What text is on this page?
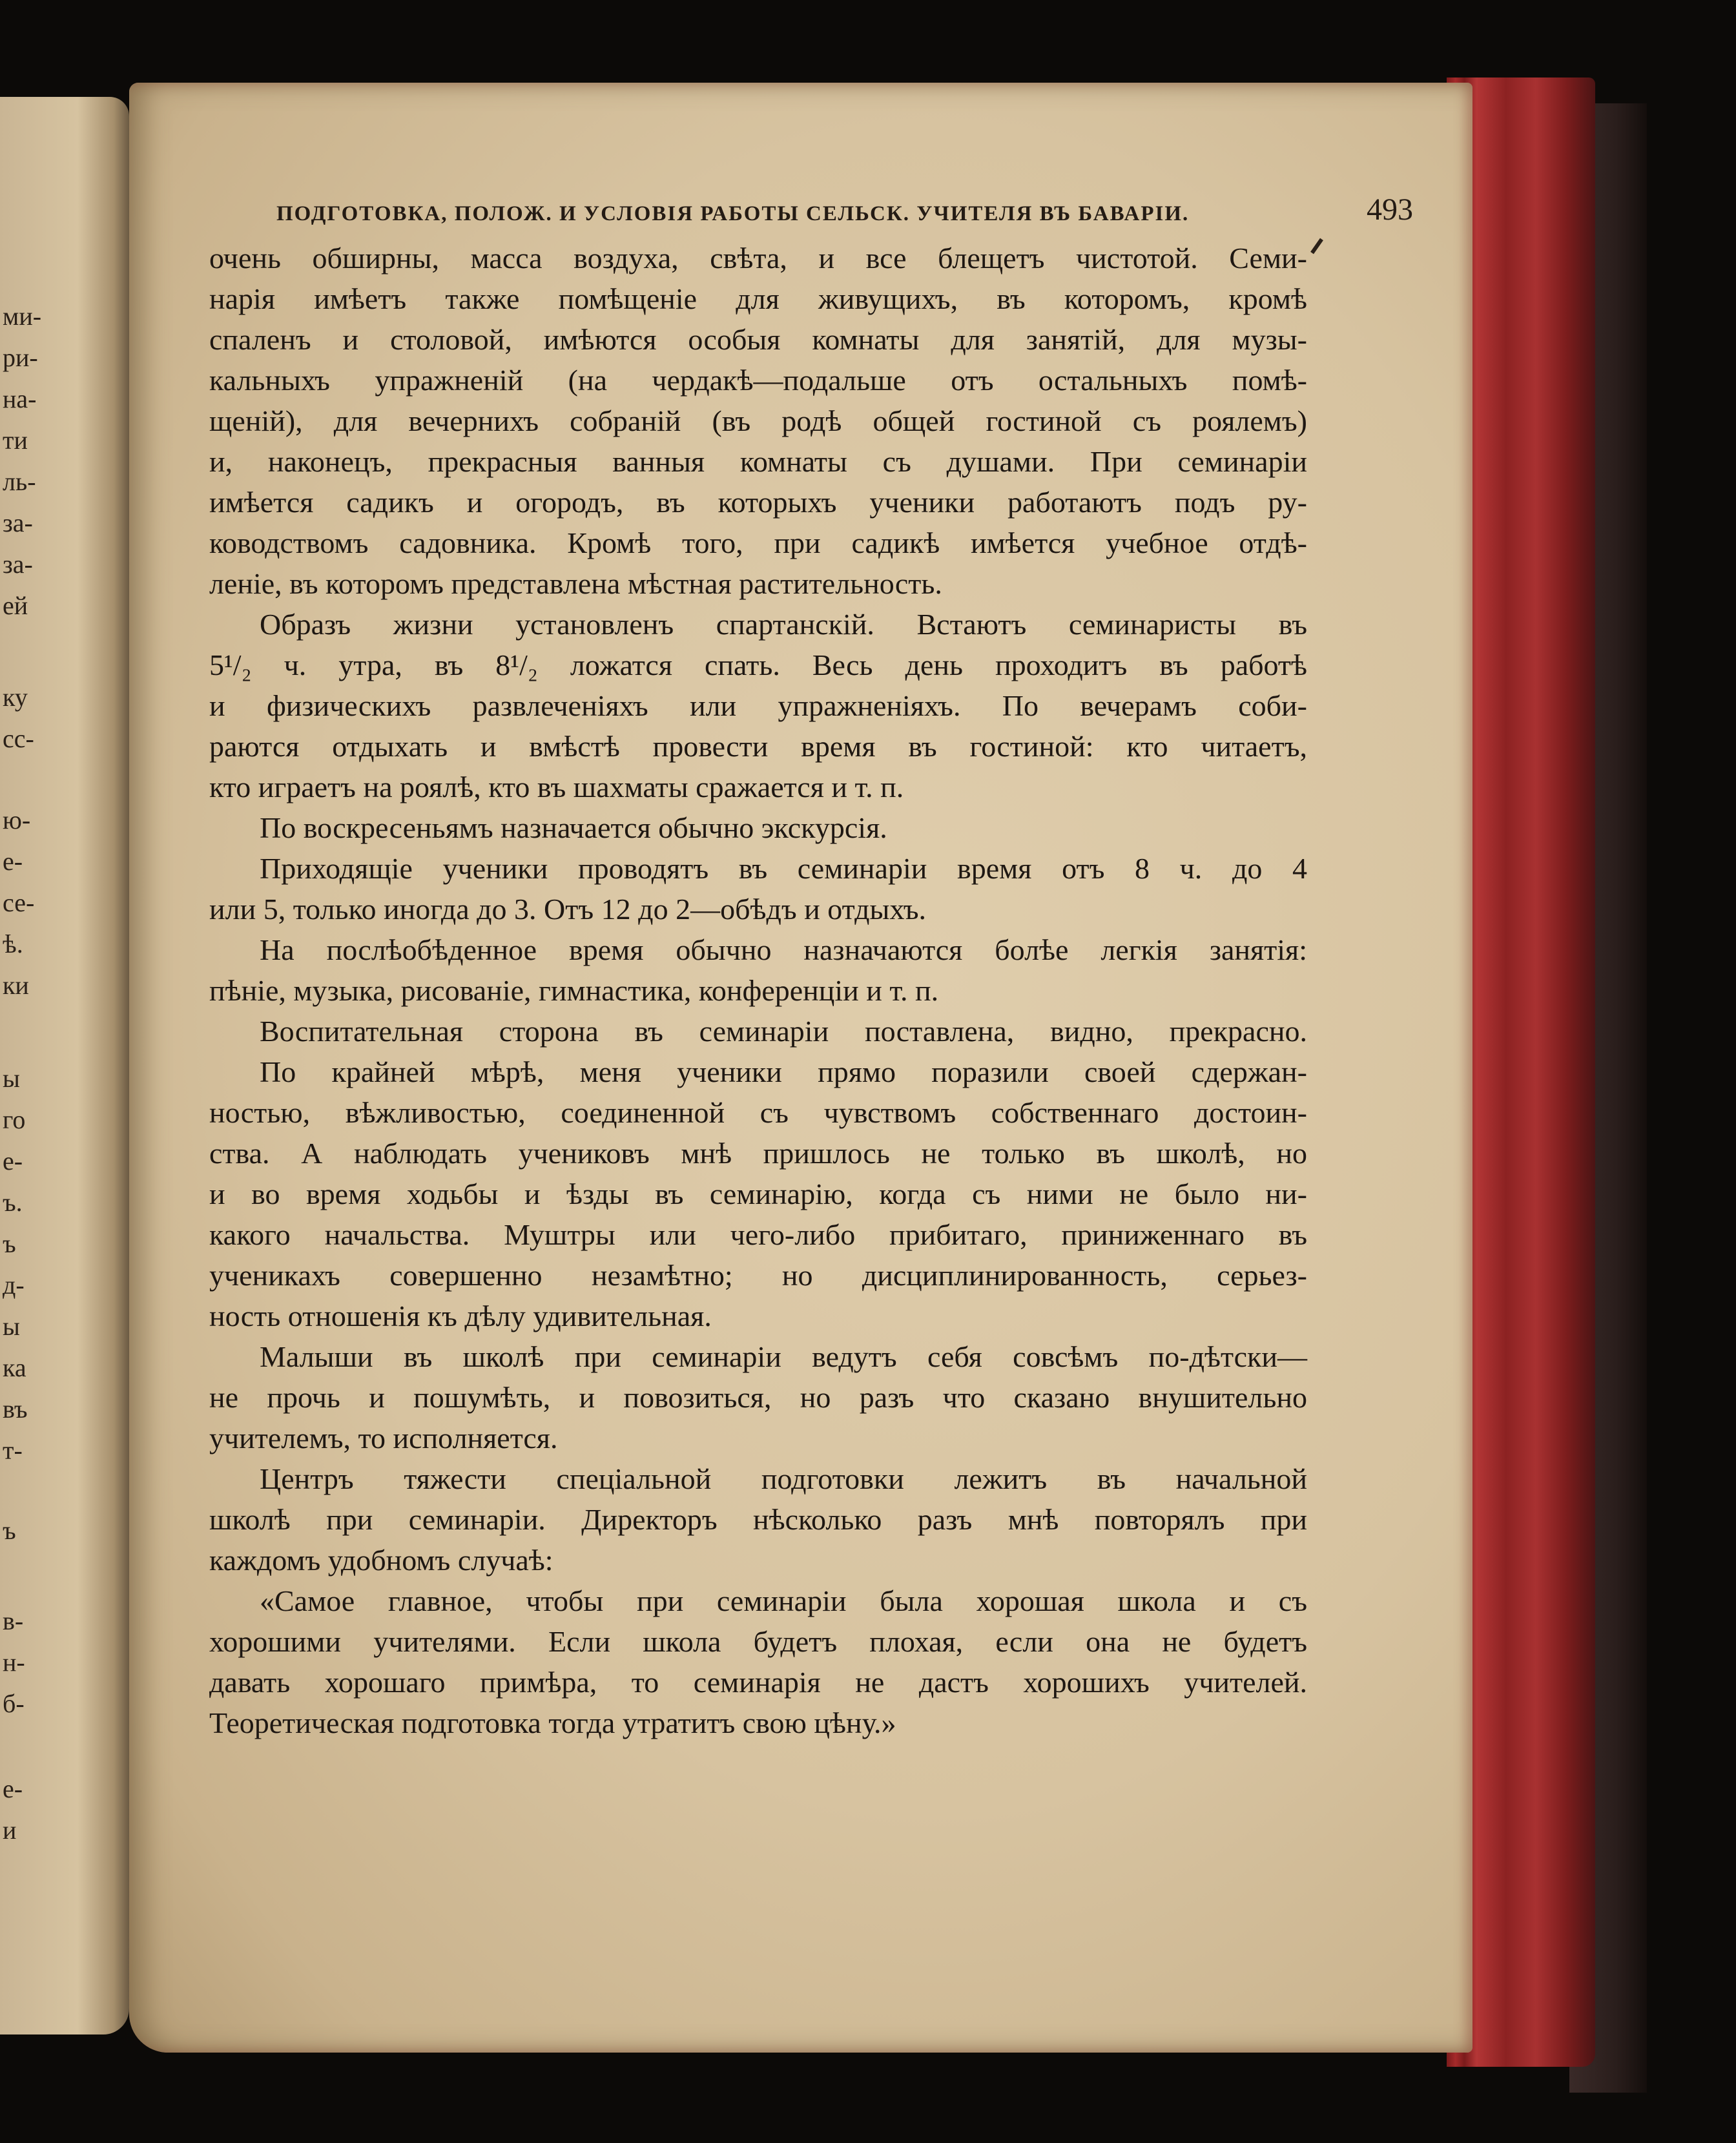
ми-
ри-
на-
ти
ль-
за-
за-
ей
ку
сс-
ю-
е-
се-
ѣ.
ки
ы
го
е-
ъ.
ъ
д-
ы
ка
въ
т-
ъ
в-
н-
б-
е-
и
ПОДГОТОВКА, ПОЛОЖ. И УСЛОВІЯ РАБОТЫ СЕЛЬСК. УЧИТЕЛЯ ВЪ БАВАРІИ.	493
очень обширны, масса воздуха, свѣта, и все блещетъ чистотой. Семи-
нарія имѣетъ также помѣщеніе для живущихъ, въ которомъ, кромѣ
спаленъ и столовой, имѣются особыя комнаты для занятій, для музы-
кальныхъ упражненій (на чердакѣ—подальше отъ остальныхъ помѣ-
щеній), для вечернихъ собраній (въ родѣ общей гостиной съ роялемъ)
и, наконецъ, прекрасныя ванныя комнаты съ душами. При семинаріи
имѣется садикъ и огородъ, въ которыхъ ученики работаютъ подъ ру-
ководствомъ садовника. Кромѣ того, при садикѣ имѣется учебное отдѣ-
леніе, въ которомъ представлена мѣстная растительность.
Образъ жизни установленъ спартанскій. Встаютъ семинаристы въ
5¹/₂ ч. утра, въ 8¹/₂ ложатся спать. Весь день проходитъ въ работѣ
и физическихъ развлеченіяхъ или упражненіяхъ. По вечерамъ соби-
раются отдыхать и вмѣстѣ провести время въ гостиной: кто читаетъ,
кто играетъ на роялѣ, кто въ шахматы сражается и т. п.
По воскресеньямъ назначается обычно экскурсія.
Приходящіе ученики проводятъ въ семинаріи время отъ 8 ч. до 4
или 5, только иногда до 3. Отъ 12 до 2—обѣдъ и отдыхъ.
На послѣобѣденное время обычно назначаются болѣе легкія занятія:
пѣніе, музыка, рисованіе, гимнастика, конференціи и т. п.
Воспитательная сторона въ семинаріи поставлена, видно, прекрасно.
По крайней мѣрѣ, меня ученики прямо поразили своей сдержан-
ностью, вѣжливостью, соединенной съ чувствомъ собственнаго достоин-
ства. А наблюдать учениковъ мнѣ пришлось не только въ школѣ, но
и во время ходьбы и ѣзды въ семинарію, когда съ ними не было ни-
какого начальства. Муштры или чего-либо прибитаго, приниженнаго въ
ученикахъ совершенно незамѣтно; но дисциплинированность, серьез-
ность отношенія къ дѣлу удивительная.
Малыши въ школѣ при семинаріи ведутъ себя совсѣмъ по-дѣтски—
не прочь и пошумѣть, и повозиться, но разъ что сказано внушительно
учителемъ, то исполняется.
Центръ тяжести спеціальной подготовки лежитъ въ начальной
школѣ при семинаріи. Директоръ нѣсколько разъ мнѣ повторялъ при
каждомъ удобномъ случаѣ:
«Самое главное, чтобы при семинаріи была хорошая школа и съ
хорошими учителями. Если школа будетъ плохая, если она не будетъ
давать хорошаго примѣра, то семинарія не дастъ хорошихъ учителей.
Теоретическая подготовка тогда утратитъ свою цѣну.»
